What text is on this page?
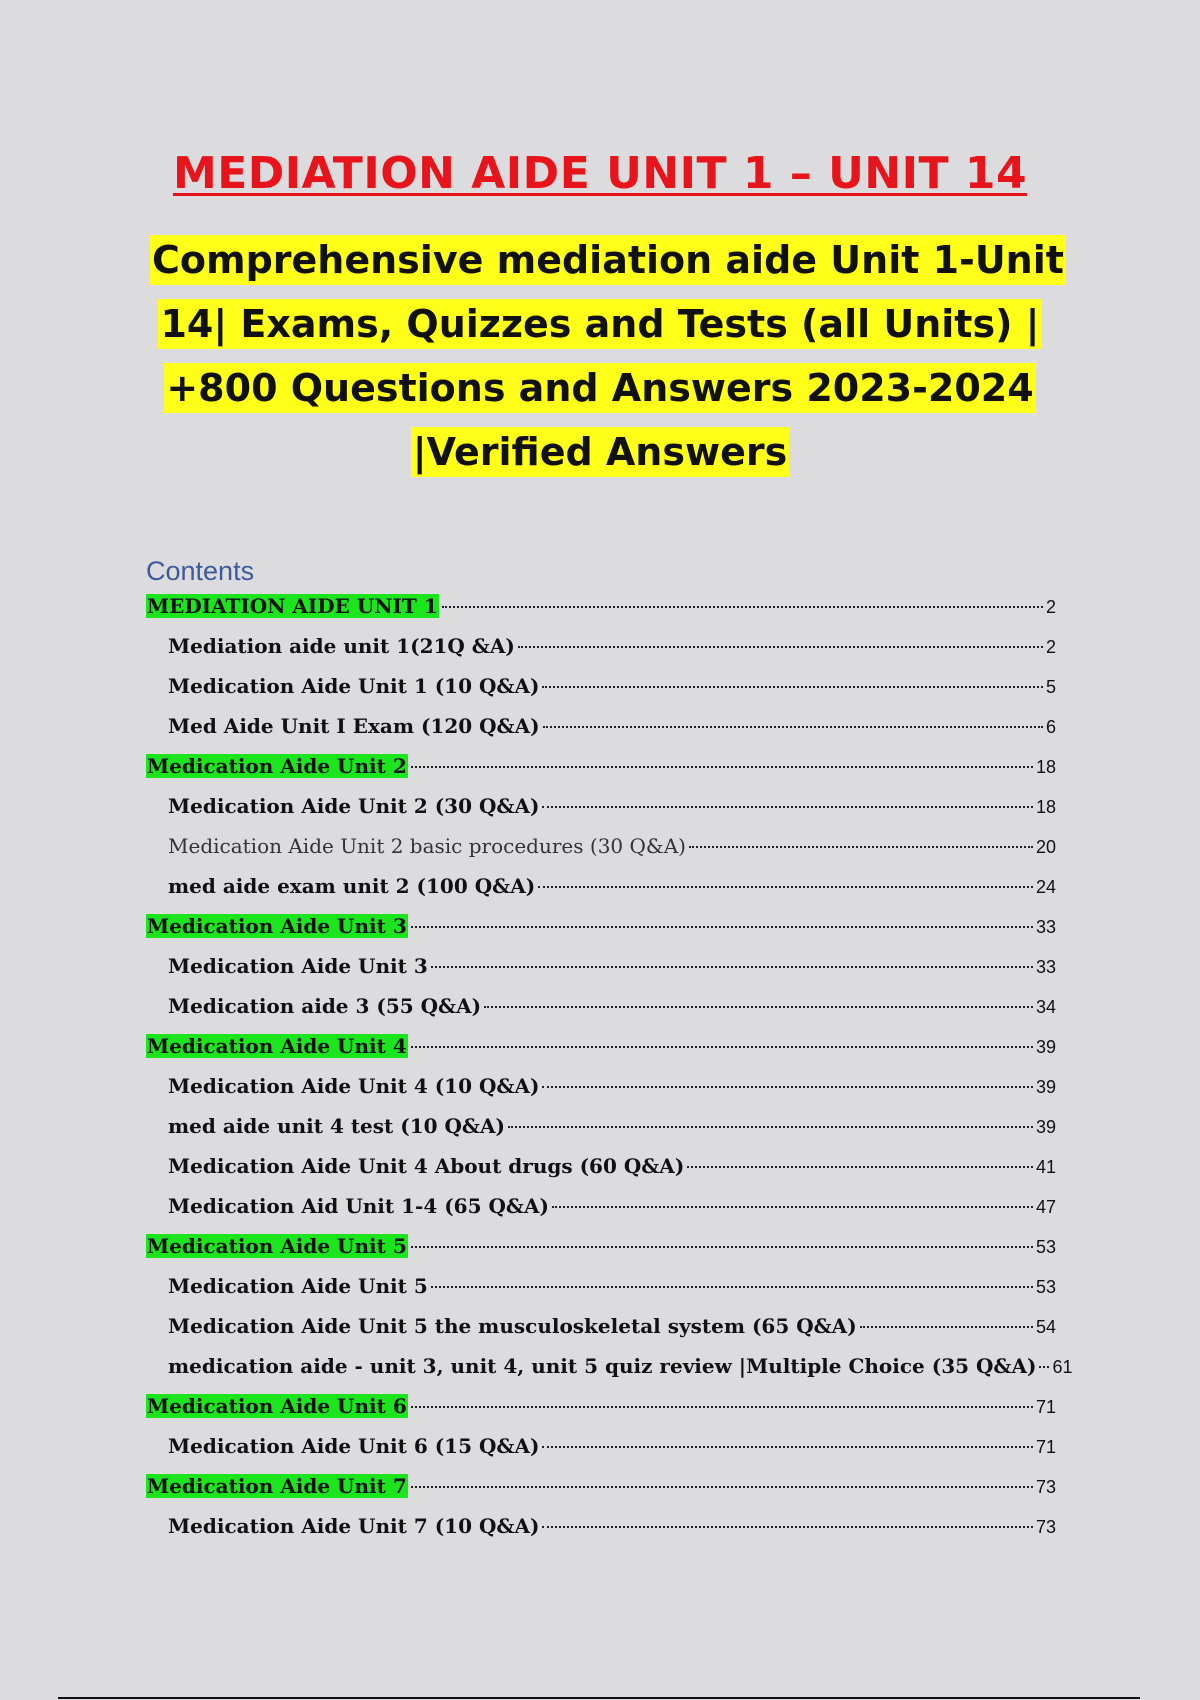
MEDIATION AIDE UNIT 1 – UNIT 14
Comprehensive mediation aide Unit 1-Unit
14| Exams, Quizzes and Tests (all Units) |
+800 Questions and Answers 2023-2024
|Verified Answers
Contents
MEDIATION AIDE UNIT 1	2
Mediation aide unit 1(21Q &A)	2
Medication Aide Unit 1 (10 Q&A)	5
Med Aide Unit I Exam (120 Q&A)	6
Medication Aide Unit 2	18
Medication Aide Unit 2 (30 Q&A)	18
Medication Aide Unit 2 basic procedures (30 Q&A)	20
med aide exam unit 2 (100 Q&A)	24
Medication Aide Unit 3	33
Medication Aide Unit 3	33
Medication aide 3 (55 Q&A)	34
Medication Aide Unit 4	39
Medication Aide Unit 4 (10 Q&A)	39
med aide unit 4 test (10 Q&A)	39
Medication Aide Unit 4 About drugs (60 Q&A)	41
Medication Aid Unit 1-4 (65 Q&A)	47
Medication Aide Unit 5	53
Medication Aide Unit 5	53
Medication Aide Unit 5 the musculoskeletal system (65 Q&A)	54
medication aide - unit 3, unit 4, unit 5 quiz review |Multiple Choice (35 Q&A) 61
Medication Aide Unit 6	71
Medication Aide Unit 6 (15 Q&A)	71
Medication Aide Unit 7	73
Medication Aide Unit 7 (10 Q&A)	73
